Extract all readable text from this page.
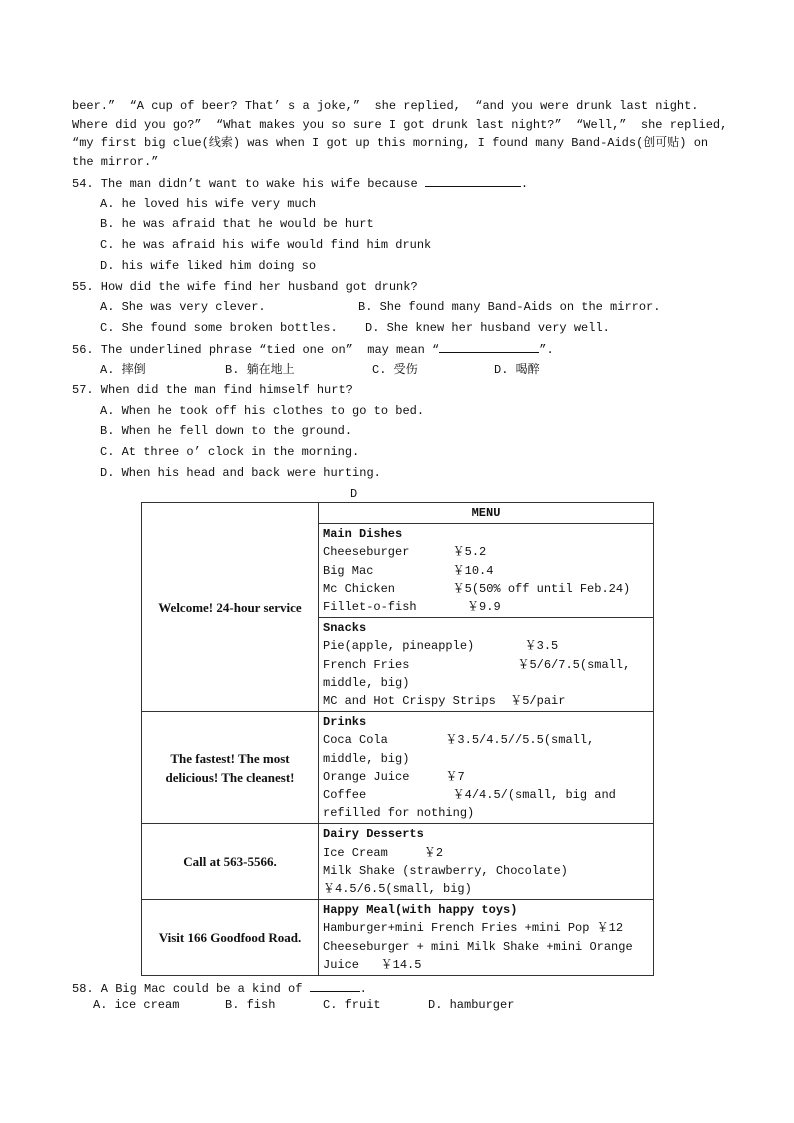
beer.”  “A cup of beer? That’ s a joke,”  she replied,  “and you were drunk last night.
Where did you go?”  “What makes you so sure I got drunk last night?”  “Well,”  she replied,
“my first big clue(线索) was when I got up this morning, I found many Band-Aids(创可贴) on
the mirror.”
54. The man didn’t want to wake his wife because	.
A. he loved his wife very much
B. he was afraid that he would be hurt
C. he was afraid his wife would find him drunk
D. his wife liked him doing so
55. How did the wife find her husband got drunk?
A. She was very clever.	B. She found many Band-Aids on the mirror.
C. She found some broken bottles. D. She knew her husband very well.
56. The underlined phrase “tied one on”  may mean “	”.
A. 摔倒	B. 躺在地上	C. 受伤	D. 喝醉
57. When did the man find himself hurt?
A. When he took off his clothes to go to bed.
B. When he fell down to the ground.
C. At three o’ clock in the morning.
D. When his head and back were hurting.
D
Welcome! 24-hour service	MENU

	Main Dishes
Cheeseburger ￥5.2
Big Mac ￥10.4
Mc Chicken ￥5(50% off until Feb.24)
Fillet-o-fish ￥9.9

	Snacks
Pie(apple, pineapple) ￥3.5
French Fries ￥5/6/7.5(small, middle, big)
MC and Hot Crispy Strips ￥5/pair

The fastest! The most delicious! The cleanest!	Drinks
Coca Cola ￥3.5/4.5//5.5(small, middle, big)
Orange Juice ￥7
Coffee ￥4/4.5/(small, big and refilled for nothing)

Call at 563-5566.	Dairy Desserts
Ice Cream ￥2
Milk Shake (strawberry, Chocolate) ￥4.5/6.5(small, big)

Visit 166 Goodfood Road.	Happy Meal(with happy toys)
Hamburger+mini French Fries +mini Pop ￥12
Cheeseburger + mini Milk Shake +mini Orange Juice ￥14.5
58. A Big Mac could be a kind of	.
A. ice cream	B. fish	C. fruit	D. hamburger
